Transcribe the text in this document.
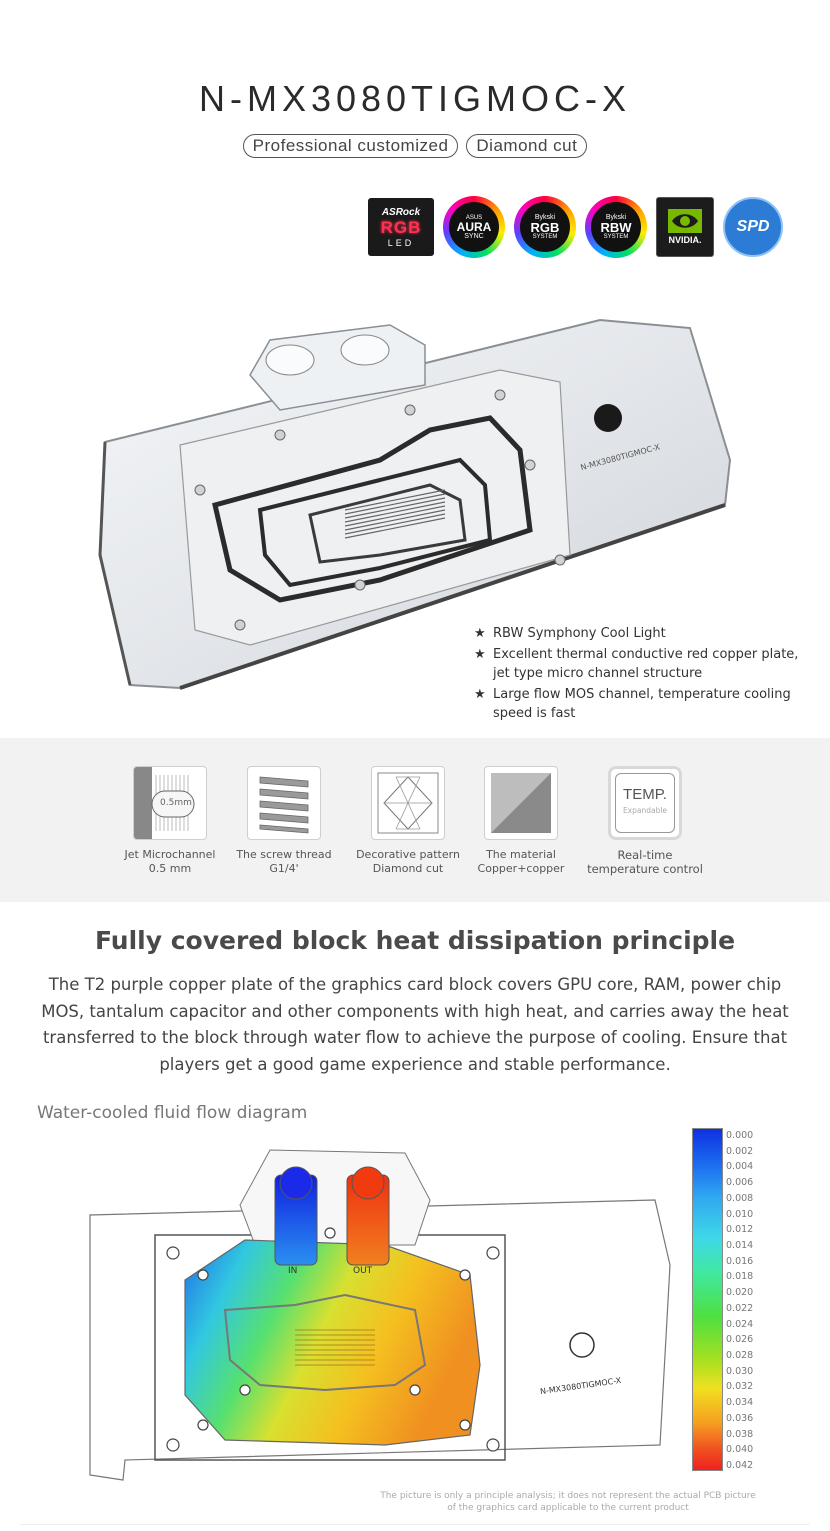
N-MX3080TIGMOC-X
Professional customized	Diamond cut
ASRock
RGB
LED
ASUS
AURA
SYNC
Bykski
RGB
SYSTEM
Bykski
RBW
SYSTEM	NVIDIA.
SPD
N-MX3080TIGMOC-X
★ RBW Symphony Cool Light
★ Excellent thermal conductive red copper plate, jet type micro channel structure
★ Large flow MOS channel, temperature cooling speed is fast
0.5mm
Jet Microchannel
0.5 mm
The screw thread
G1/4'
Decorative pattern
Diamond cut
The material
Copper+copper
TEMP.
Expandable
Real-time
temperature control
Fully covered block heat dissipation principle
The T2 purple copper plate of the graphics card block covers GPU core, RAM, power chip MOS, tantalum capacitor and other components with high heat, and carries away the heat transferred to the block through water flow to achieve the purpose of cooling. Ensure that players get a good game experience and stable performance.
Water-cooled fluid flow diagram
IN	OUT
N-MX3080TIGMOC-X
0.000
0.002
0.004
0.006
0.008
0.010
0.012
0.014
0.016
0.018
0.020
0.022
0.024
0.026
0.028
0.030
0.032
0.034
0.036
0.038
0.040
0.042
The picture is only a principle analysis; it does not represent the actual PCB picture
of the graphics card applicable to the current product
